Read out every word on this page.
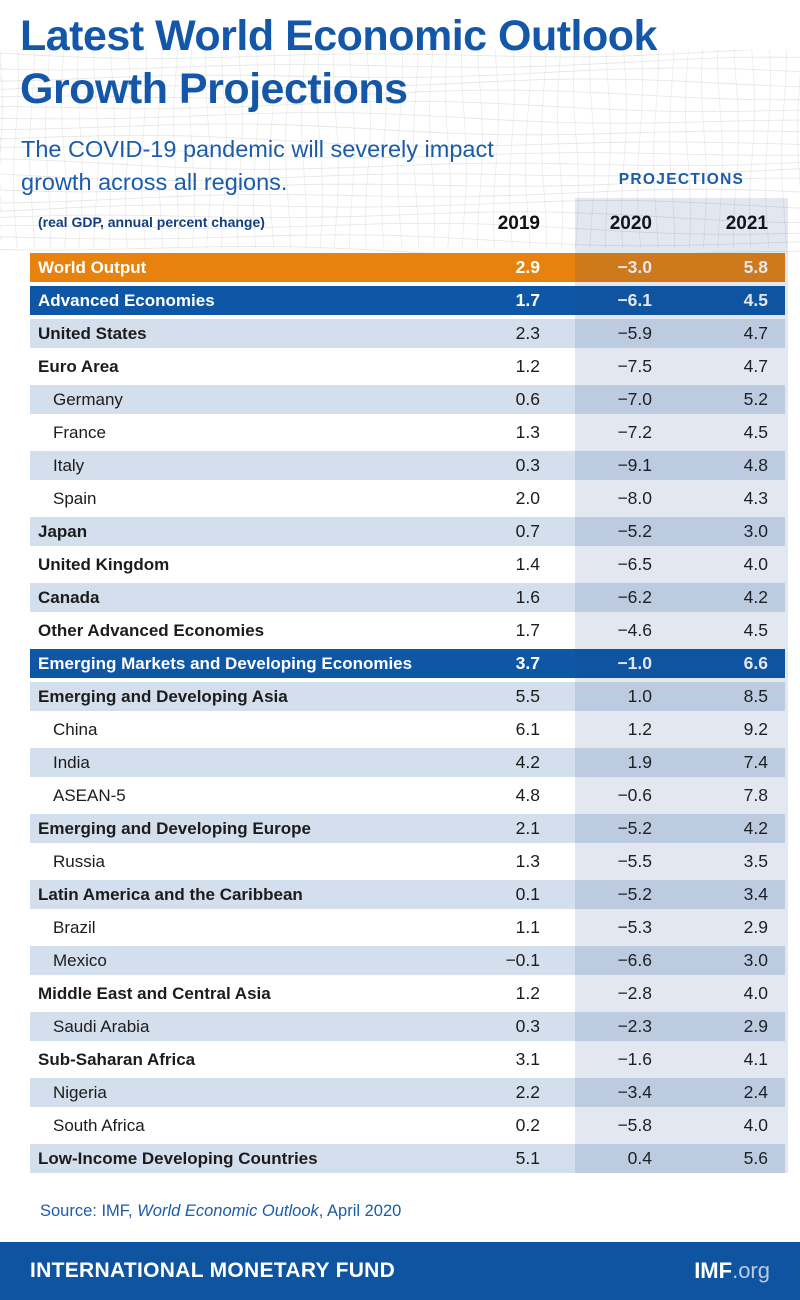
Latest World Economic Outlook
Growth Projections
The COVID-19 pandemic will severely impact
growth across all regions.	PROJECTIONS
(real GDP, annual percent change)	2019	2020	2021
World Output	2.9	−3.0	5.8
Advanced Economies	1.7	−6.1	4.5
United States	2.3	−5.9	4.7
Euro Area	1.2	−7.5	4.7
Germany	0.6	−7.0	5.2
France	1.3	−7.2	4.5
Italy	0.3	−9.1	4.8
Spain	2.0	−8.0	4.3
Japan	0.7	−5.2	3.0
United Kingdom	1.4	−6.5	4.0
Canada	1.6	−6.2	4.2
Other Advanced Economies	1.7	−4.6	4.5
Emerging Markets and Developing Economies	3.7	−1.0	6.6
Emerging and Developing Asia	5.5	1.0	8.5
China	6.1	1.2	9.2
India	4.2	1.9	7.4
ASEAN-5	4.8	−0.6	7.8
Emerging and Developing Europe	2.1	−5.2	4.2
Russia	1.3	−5.5	3.5
Latin America and the Caribbean	0.1	−5.2	3.4
Brazil	1.1	−5.3	2.9
Mexico	−0.1	−6.6	3.0
Middle East and Central Asia	1.2	−2.8	4.0
Saudi Arabia	0.3	−2.3	2.9
Sub-Saharan Africa	3.1	−1.6	4.1
Nigeria	2.2	−3.4	2.4
South Africa	0.2	−5.8	4.0
Low-Income Developing Countries	5.1	0.4	5.6
Source: IMF, World Economic Outlook, April 2020
INTERNATIONAL MONETARY FUND	IMF.org
